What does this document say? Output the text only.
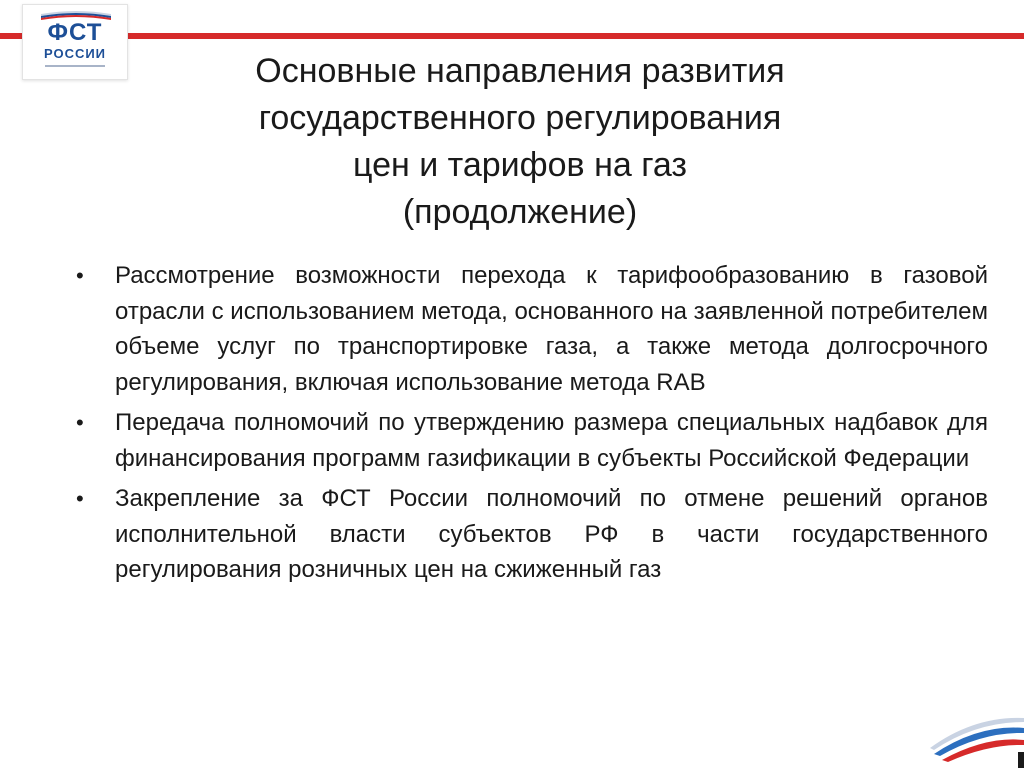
ФСТ
РОССИИ	Основные направления развития
государственного регулирования
цен и тарифов на газ
(продолжение)
• Рассмотрение возможности перехода к тарифообразованию в газовой отрасли с использованием метода, основанного на заявленной потребителем объеме услуг по транспортировке газа, а также метода долгосрочного регулирования, включая использование метода RAB
• Передача полномочий по утверждению размера специальных надбавок для финансирования программ газификации в субъекты Российской Федерации
• Закрепление за ФСТ России полномочий по отмене решений органов исполнительной власти субъектов РФ в части государственного регулирования розничных цен на сжиженный газ
